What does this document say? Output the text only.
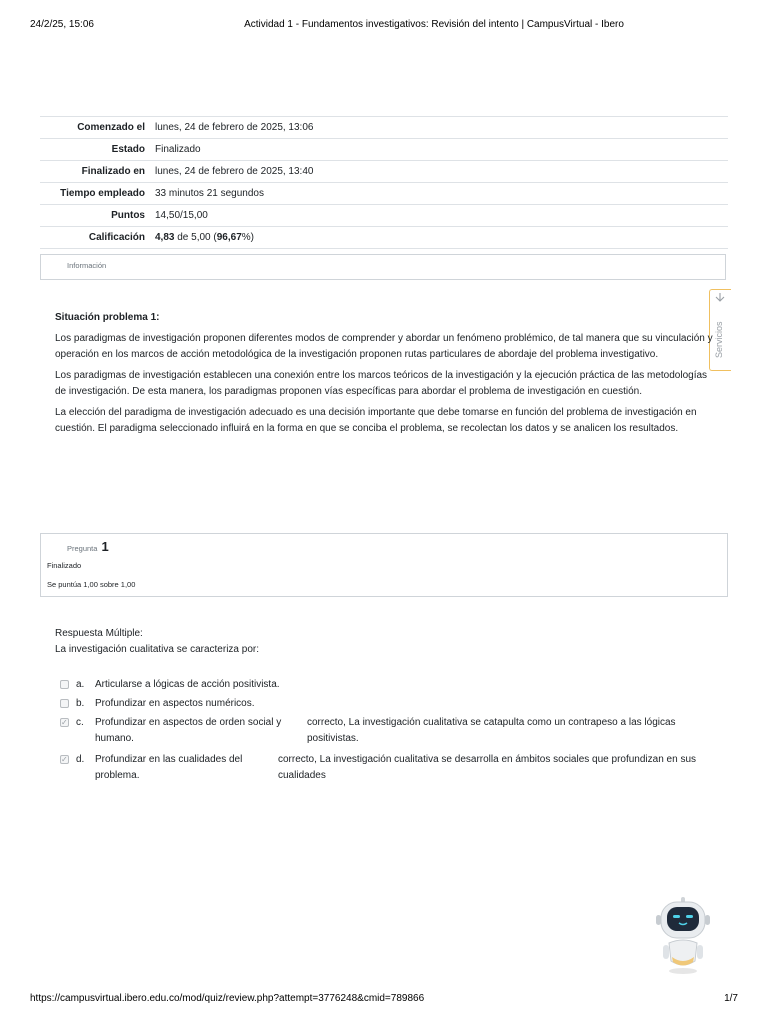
24/2/25, 15:06	Actividad 1 - Fundamentos investigativos: Revisión del intento | CampusVirtual - Ibero
Comenzado el	lunes, 24 de febrero de 2025, 13:06
Estado	Finalizado
Finalizado en	lunes, 24 de febrero de 2025, 13:40
Tiempo empleado	33 minutos 21 segundos
Puntos	14,50/15,00
Calificación	4,83 de 5,00 (96,67%)
Información
Servicios
Situación problema 1:

Los paradigmas de investigación proponen diferentes modos de comprender y abordar un fenómeno problémico, de tal manera que su vinculación y operación en los marcos de acción metodológica de la investigación proponen rutas particulares de abordaje del problema investigativo.

Los paradigmas de investigación establecen una conexión entre los marcos teóricos de la investigación y la ejecución práctica de las metodologías de investigación. De esta manera, los paradigmas proponen vías específicas para abordar el problema de investigación en cuestión.

La elección del paradigma de investigación adecuado es una decisión importante que debe tomarse en función del problema de investigación en cuestión. El paradigma seleccionado influirá en la forma en que se conciba el problema, se recolectan los datos y se analicen los resultados.

Pregunta 1
Finalizado
Se puntúa 1,00 sobre 1,00

Respuesta Múltiple:

La investigación cualitativa se caracteriza por:

a.	Articularse a lógicas de acción positivista.
b.	Profundizar en aspectos numéricos.
✓
c.	Profundizar en aspectos de orden social y humano.
correcto, La investigación cualitativa se catapulta como un contrapeso a las lógicas positivistas.
✓
d.	Profundizar en las cualidades del problema.
correcto, La investigación cualitativa se desarrolla en ámbitos sociales que profundizan en sus cualidades
https://campusvirtual.ibero.edu.co/mod/quiz/review.php?attempt=3776248&cmid=789866	1/7
